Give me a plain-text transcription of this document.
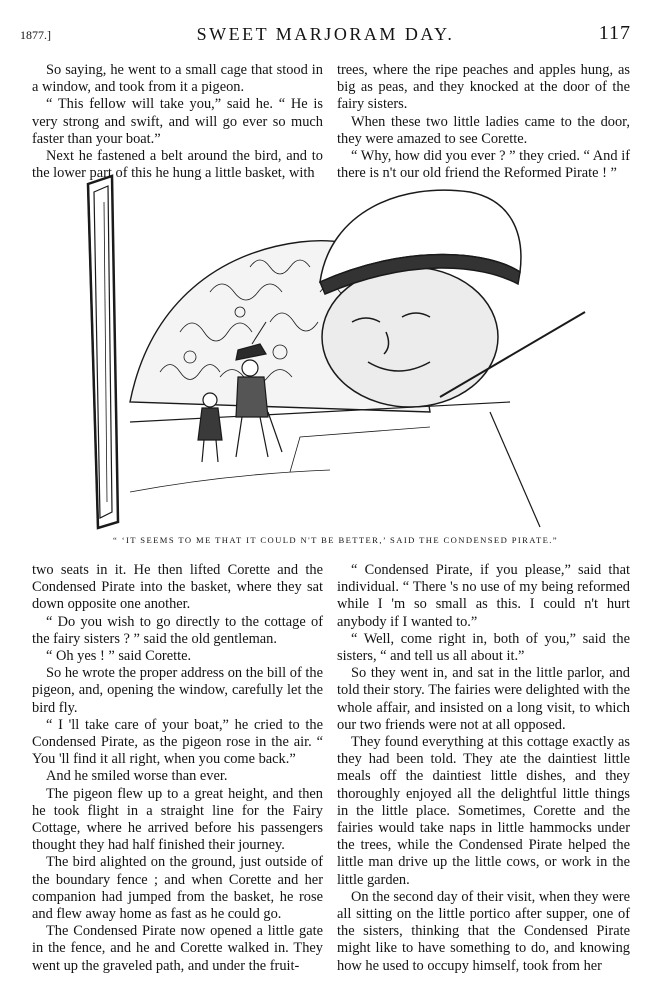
1877.]	SWEET MARJORAM DAY.	117

So saying, he went to a small cage that stood in a window, and took from it a pigeon.

“ This fellow will take you,” said he. “ He is very strong and swift, and will go ever so much faster than your boat.”

Next he fastened a belt around the bird, and to the lower part of this he hung a little basket, with

trees, where the ripe peaches and apples hung, as big as peas, and they knocked at the door of the fairy sisters.

When these two little ladies came to the door, they were amazed to see Corette.

“ Why, how did you ever ? ” they cried. “ And if there is n't our old friend the Reformed Pirate ! ”

“ ‘IT SEEMS TO ME THAT IT COULD N'T BE BETTER,’ SAID THE CONDENSED PIRATE.”

two seats in it. He then lifted Corette and the Condensed Pirate into the basket, where they sat down opposite one another.

“ Do you wish to go directly to the cottage of the fairy sisters ? ” said the old gentleman.

“ Oh yes ! ” said Corette.

So he wrote the proper address on the bill of the pigeon, and, opening the window, carefully let the bird fly.

“ I 'll take care of your boat,” he cried to the Condensed Pirate, as the pigeon rose in the air. “ You 'll find it all right, when you come back.”

And he smiled worse than ever.

The pigeon flew up to a great height, and then he took flight in a straight line for the Fairy Cottage, where he arrived before his passengers thought they had half finished their journey.

The bird alighted on the ground, just outside of the boundary fence ; and when Corette and her companion had jumped from the basket, he rose and flew away home as fast as he could go.

The Condensed Pirate now opened a little gate in the fence, and he and Corette walked in. They went up the graveled path, and under the fruit-

“ Condensed Pirate, if you please,” said that individual. “ There 's no use of my being reformed while I 'm so small as this. I could n't hurt anybody if I wanted to.”

“ Well, come right in, both of you,” said the sisters, “ and tell us all about it.”

So they went in, and sat in the little parlor, and told their story. The fairies were delighted with the whole affair, and insisted on a long visit, to which our two friends were not at all opposed.

They found everything at this cottage exactly as they had been told. They ate the daintiest little meals off the daintiest little dishes, and they thoroughly enjoyed all the delightful little things in the little place. Sometimes, Corette and the fairies would take naps in little hammocks under the trees, while the Condensed Pirate helped the little man drive up the little cows, or work in the little garden.

On the second day of their visit, when they were all sitting on the little portico after supper, one of the sisters, thinking that the Condensed Pirate might like to have something to do, and knowing how he used to occupy himself, took from her
